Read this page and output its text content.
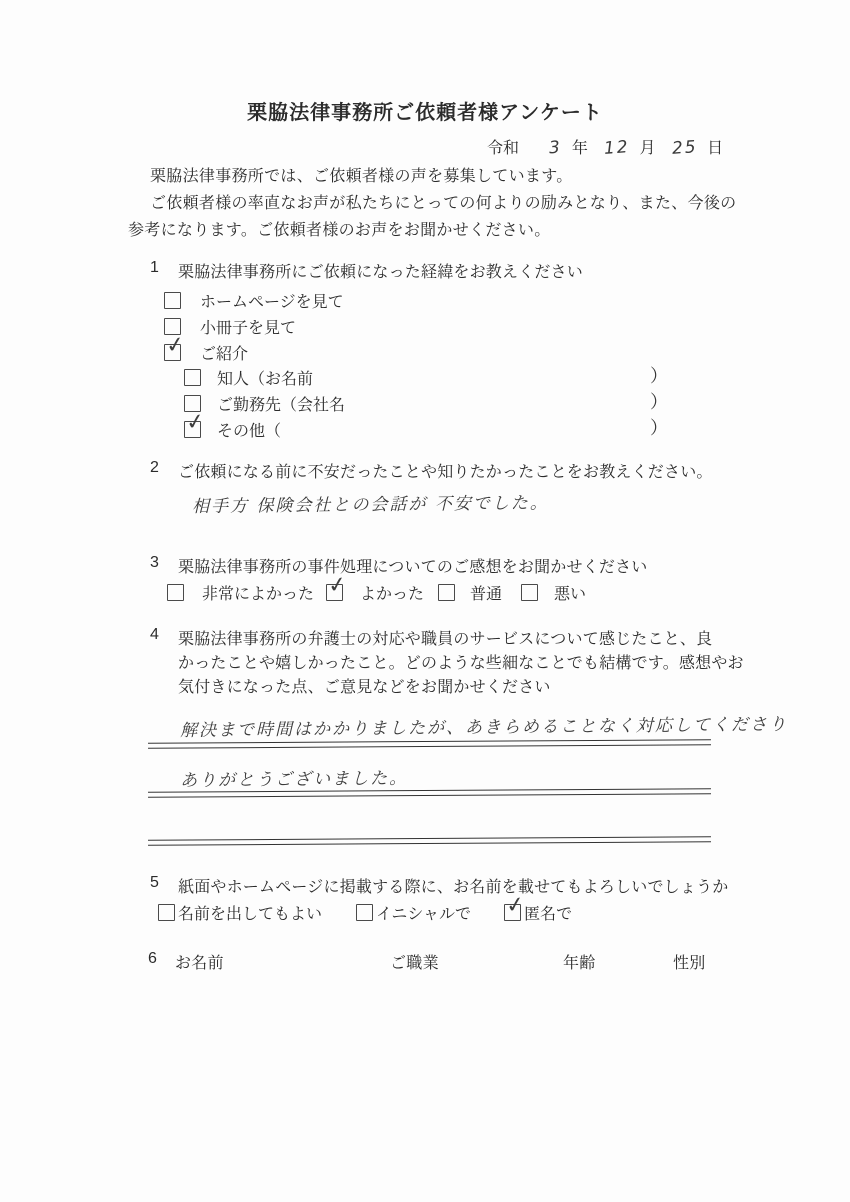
栗脇法律事務所ご依頼者様アンケート
令和 3 年 12 月 25 日
栗脇法律事務所では、ご依頼者様の声を募集しています。
ご依頼者様の率直なお声が私たちにとっての何よりの励みとなり、また、今後の
参考になります。ご依頼者様のお声をお聞かせください。
1	栗脇法律事務所にご依頼になった経緯をお教えください
ホームページを見て
小冊子を見て
✓ ご紹介
知人（お名前	）
ご勤務先（会社名	）
✓ その他（	）
2	ご依頼になる前に不安だったことや知りたかったことをお教えください。
相手方 保険会社との会話が 不安でした。
3	栗脇法律事務所の事件処理についてのご感想をお聞かせください
非常によかった ✓ よかった	普通	悪い
4	栗脇法律事務所の弁護士の対応や職員のサービスについて感じたこと、良
かったことや嬉しかったこと。どのような些細なことでも結構です。感想やお
気付きになった点、ご意見などをお聞かせください
解決まで時間はかかりましたが、あきらめることなく対応してくださり
ありがとうございました。
5	紙面やホームページに掲載する際に、お名前を載せてもよろしいでしょうか
名前を出してもよい	イニシャルで ✓
匿名で
6 お名前	ご職業	年齢	性別
